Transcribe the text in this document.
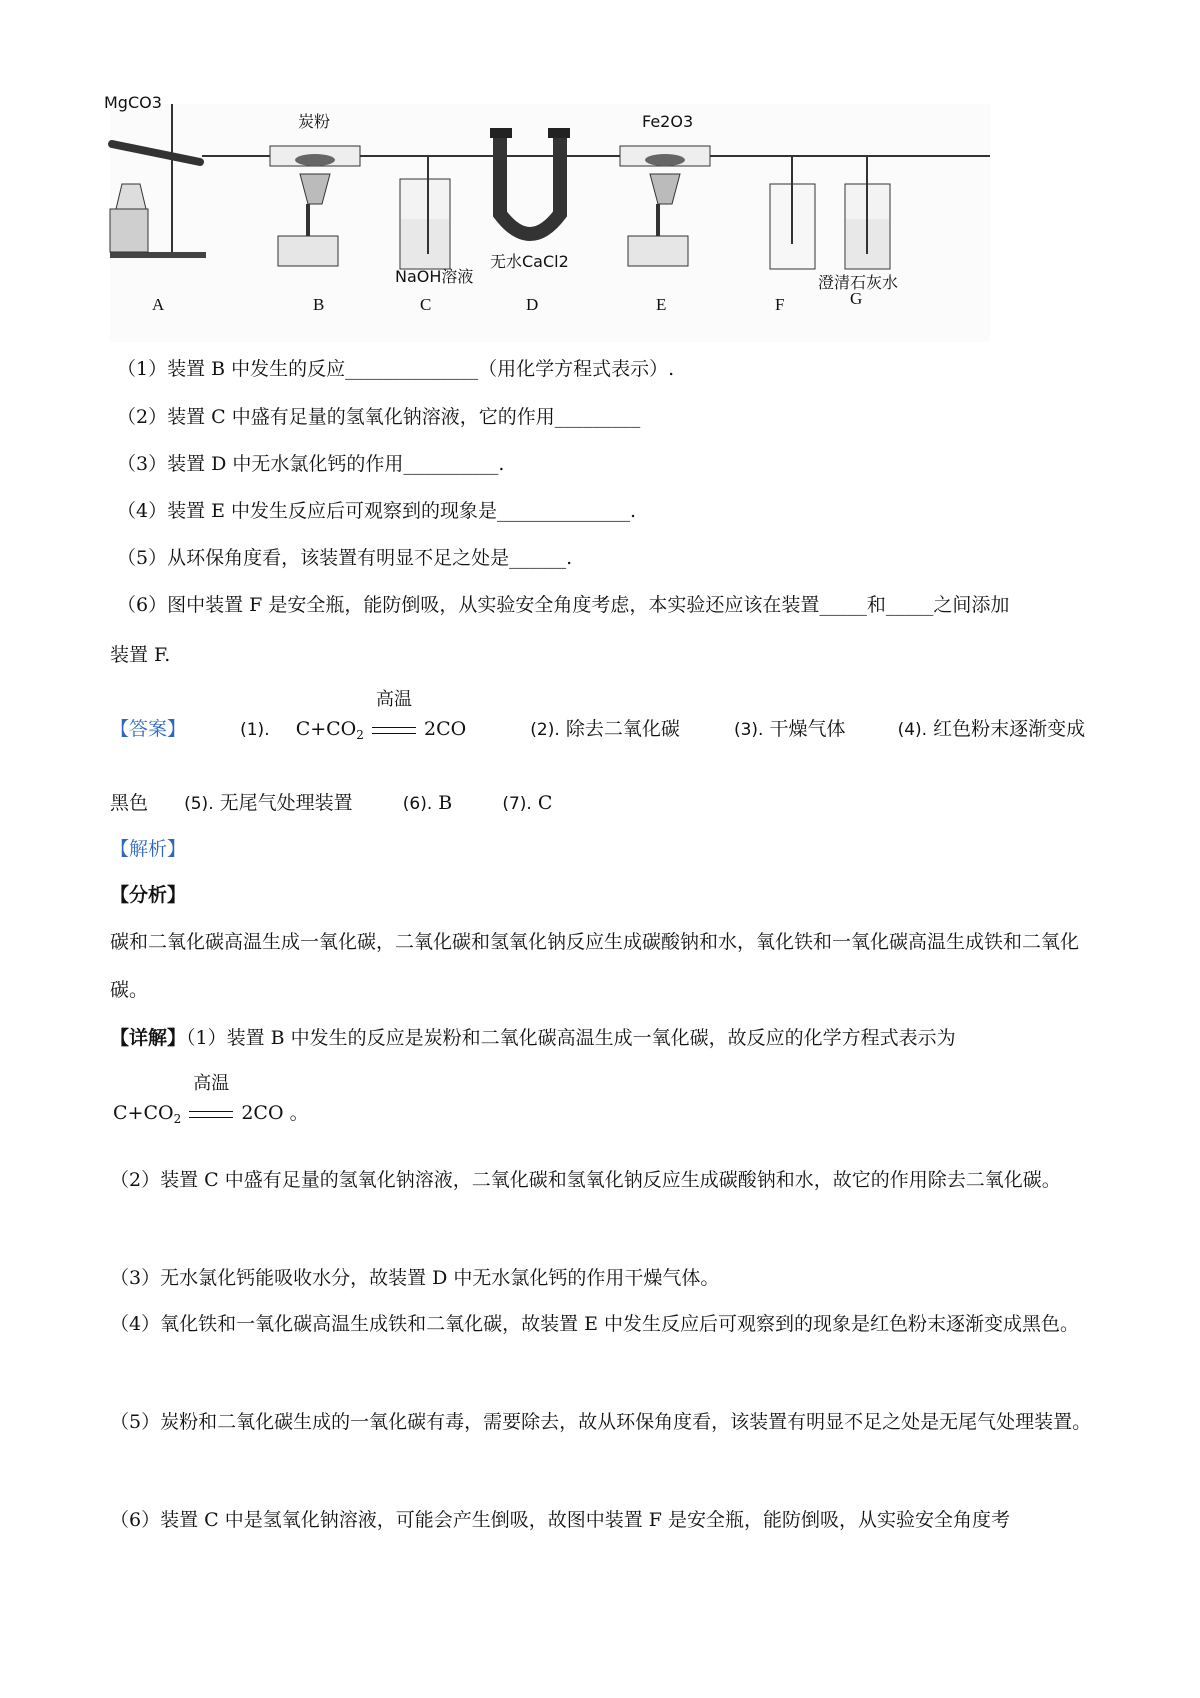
MgCO3
炭粉	Fe2O3
NaOH溶液
无水CaCl2
澄清石灰水
A	B	C	D	E	F	G
（1）装置 B 中发生的反应______________（用化学方程式表示）.
（2）装置 C 中盛有足量的氢氧化钠溶液，它的作用_________
（3）装置 D 中无水氯化钙的作用__________.
（4）装置 E 中发生反应后可观察到的现象是______________.
（5）从环保角度看，该装置有明显不足之处是______.
（6）图中装置 F 是安全瓶，能防倒吸，从实验安全角度考虑，本实验还应该在装置_____和_____之间添加
装置 F.
【答案】	(1). $C+CO_2$
高温
2CO	(2). 除去二氧化碳	(3). 干燥气体	(4). 红色粉末逐渐变成
黑色 (5). 无尾气处理装置	(6). B	(7). C
【解析】
【分析】
碳和二氧化碳高温生成一氧化碳，二氧化碳和氢氧化钠反应生成碳酸钠和水，氧化铁和一氧化碳高温生成铁和二氧化碳。
【详解】（1）装置 B 中发生的反应是炭粉和二氧化碳高温生成一氧化碳，故反应的化学方程式表示为
$C+CO_2$
高温
2CO 。
（2）装置 C 中盛有足量的氢氧化钠溶液，二氧化碳和氢氧化钠反应生成碳酸钠和水，故它的作用除去二氧化碳。
（3）无水氯化钙能吸收水分，故装置 D 中无水氯化钙的作用干燥气体。
（4）氧化铁和一氧化碳高温生成铁和二氧化碳，故装置 E 中发生反应后可观察到的现象是红色粉末逐渐变成黑色。
（5）炭粉和二氧化碳生成的一氧化碳有毒，需要除去，故从环保角度看，该装置有明显不足之处是无尾气处理装置。
（6）装置 C 中是氢氧化钠溶液，可能会产生倒吸，故图中装置 F 是安全瓶，能防倒吸，从实验安全角度考
